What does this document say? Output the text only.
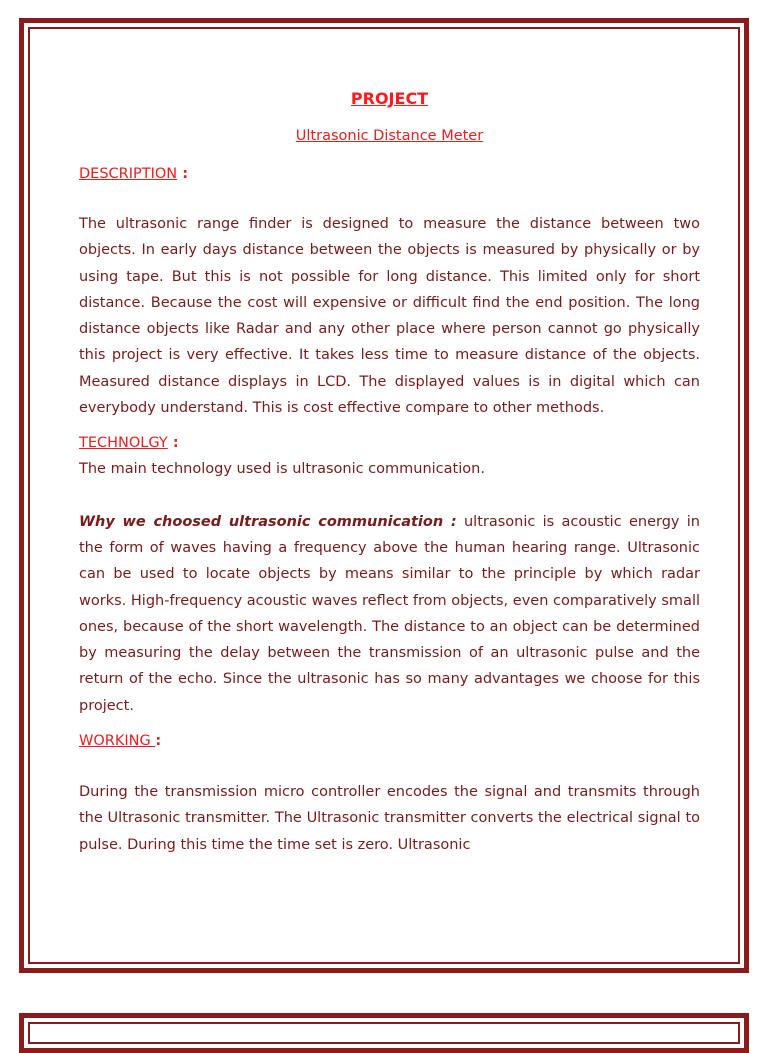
PROJECT

Ultrasonic Distance Meter

DESCRIPTION :

The ultrasonic range finder is designed to measure the distance between two objects. In early days distance between the objects is measured by physically or by using tape. But this is not possible for long distance. This limited only for short distance. Because the cost will expensive or difficult find the end position. The long distance objects like Radar and any other place where person cannot go physically this project is very effective. It takes less time to measure distance of the objects. Measured distance displays in LCD. The displayed values is in digital which can everybody understand. This is cost effective compare to other methods.

TECHNOLGY :

The main technology used is ultrasonic communication.

Why we choosed ultrasonic communication : ultrasonic is acoustic energy in the form of waves having a frequency above the human hearing range. Ultrasonic can be used to locate objects by means similar to the principle by which radar works. High-frequency acoustic waves reflect from objects, even comparatively small ones, because of the short wavelength. The distance to an object can be determined by measuring the delay between the transmission of an ultrasonic pulse and the return of the echo. Since the ultrasonic has so many advantages we choose for this project.

WORKING :

During the transmission micro controller encodes the signal and transmits through the Ultrasonic transmitter. The Ultrasonic transmitter converts the electrical signal to pulse. During this time the time set is zero. Ultrasonic
